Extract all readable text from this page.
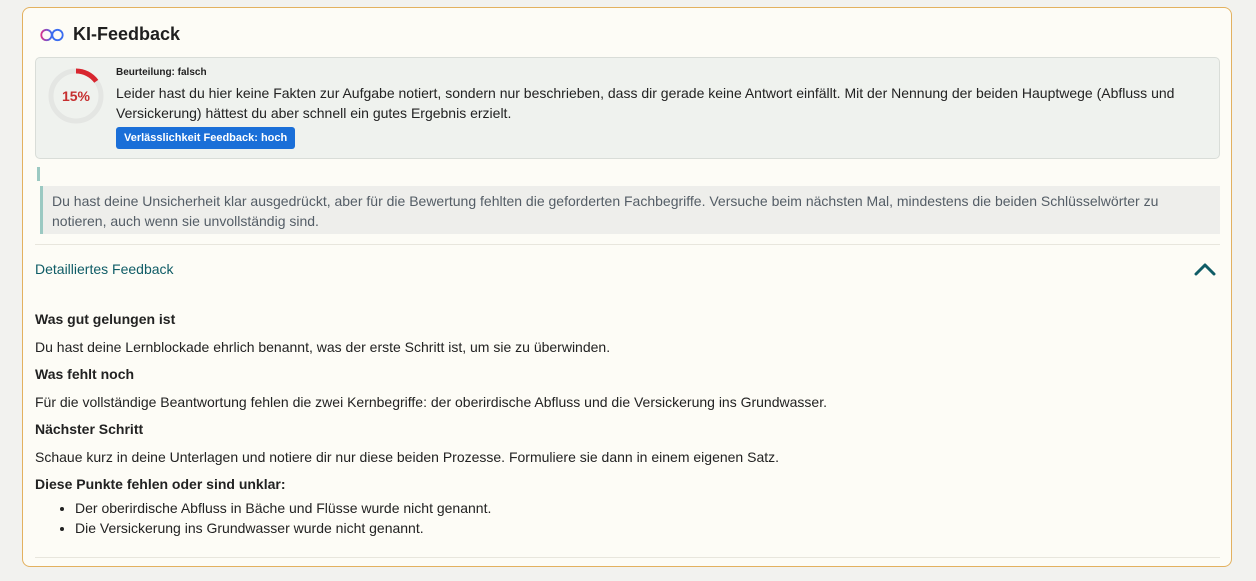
KI-Feedback
15%
Beurteilung: falsch
Leider hast du hier keine Fakten zur Aufgabe notiert, sondern nur beschrieben, dass dir gerade keine Antwort einfällt. Mit der Nennung der beiden Hauptwege (Abfluss und Versickerung) hättest du aber schnell ein gutes Ergebnis erzielt.
Verlässlichkeit Feedback: hoch
Du hast deine Unsicherheit klar ausgedrückt, aber für die Bewertung fehlten die geforderten Fachbegriffe. Versuche beim nächsten Mal, mindestens die beiden Schlüsselwörter zu notieren, auch wenn sie unvollständig sind.
Detailliertes Feedback
Was gut gelungen ist
Du hast deine Lernblockade ehrlich benannt, was der erste Schritt ist, um sie zu überwinden.
Was fehlt noch
Für die vollständige Beantwortung fehlen die zwei Kernbegriffe: der oberirdische Abfluss und die Versickerung ins Grundwasser.
Nächster Schritt
Schaue kurz in deine Unterlagen und notiere dir nur diese beiden Prozesse. Formuliere sie dann in einem eigenen Satz.
Diese Punkte fehlen oder sind unklar:
• Der oberirdische Abfluss in Bäche und Flüsse wurde nicht genannt.
• Die Versickerung ins Grundwasser wurde nicht genannt.
